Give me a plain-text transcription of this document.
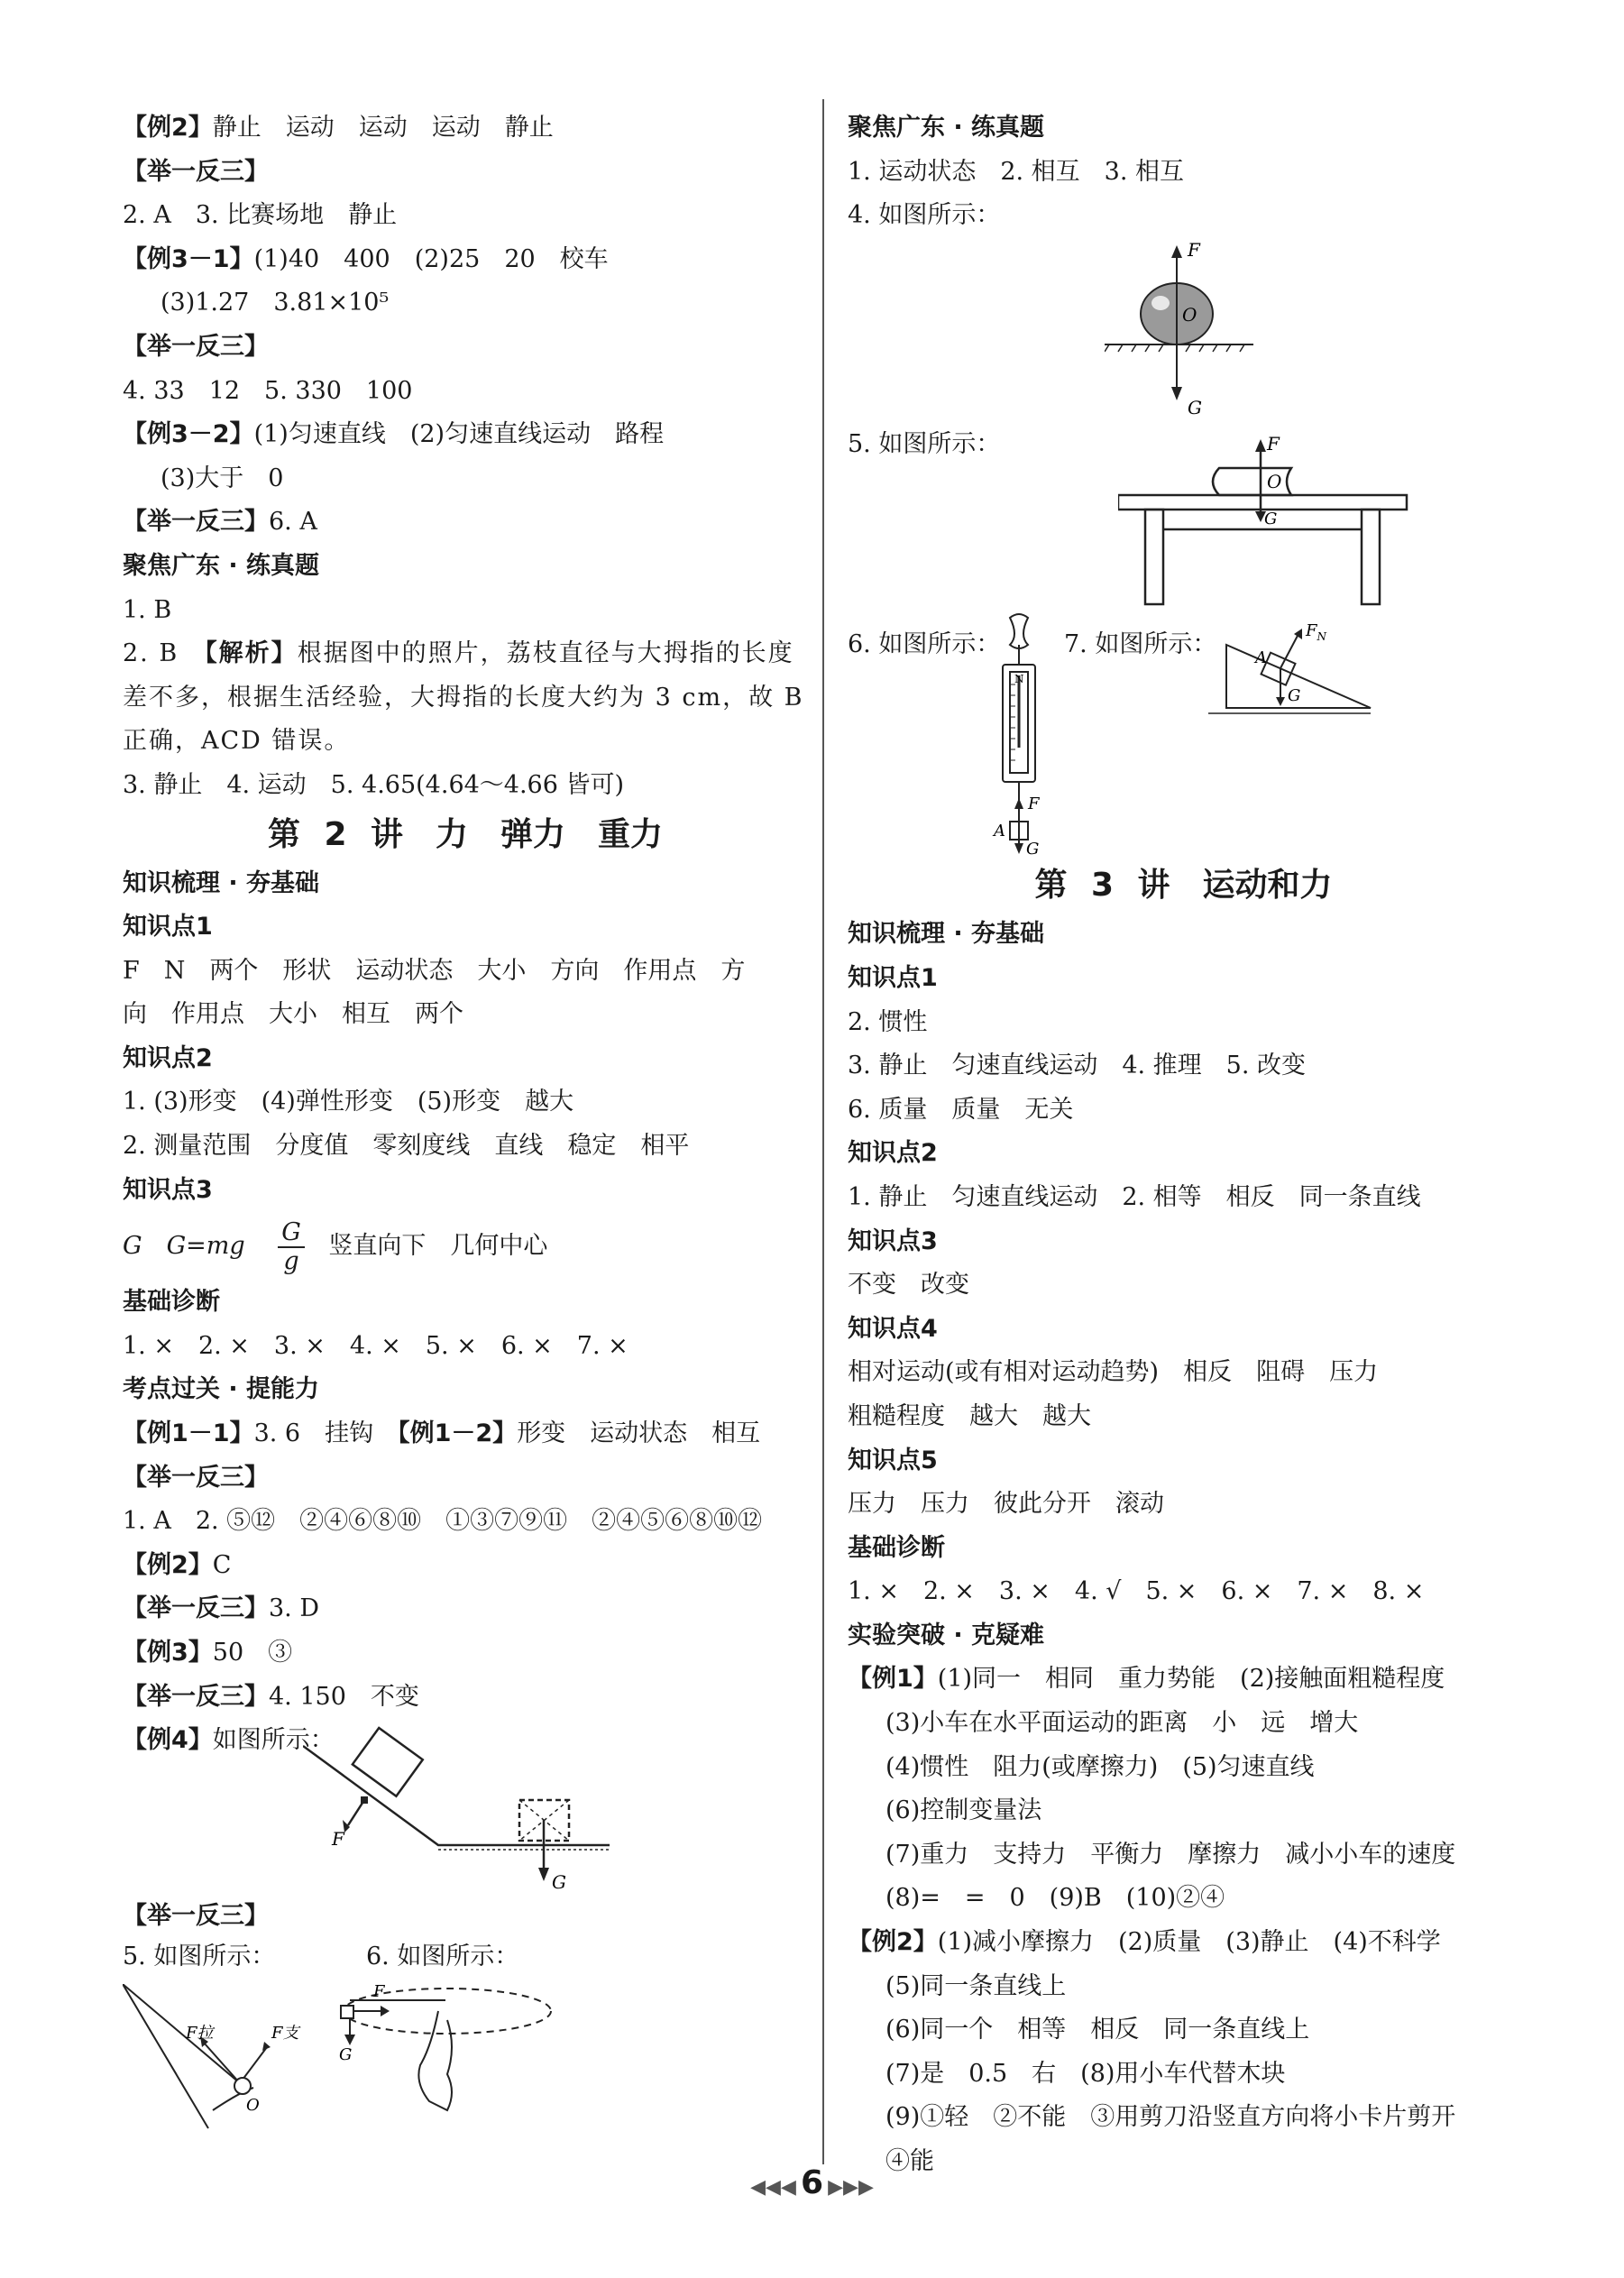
【例2】静止　运动　运动　运动　静止
【举一反三】
2. A　3. 比赛场地　静止
【例3－1】(1)40　400　(2)25　20　校车
(3)1.27　3.81×10⁵
【举一反三】
4. 33　12　5. 330　100
【例3－2】(1)匀速直线　(2)匀速直线运动　路程
(3)大于　0
【举一反三】6. A
聚焦广东 · 练真题
1. B
2. B　【解析】根据图中的照片，荔枝直径与大拇指的长度差不多，根据生活经验，大拇指的长度大约为 3 cm，故 B 正确，ACD 错误。
3. 静止　4. 运动　5. 4.65(4.64～4.66 皆可)
第 2 讲　力　弹力　重力
知识梳理 · 夯基础
知识点1
F　N　两个　形状　运动状态　大小　方向　作用点　方
向　作用点　大小　相互　两个
知识点2
1. (3)形变　(4)弹性形变　(5)形变　越大
2. 测量范围　分度值　零刻度线　直线　稳定　相平
知识点3
G　$G=mg \frac{G}{g}$ 竖直向下　几何中心
基础诊断
1. ×　2. ×　3. ×　4. ×　5. ×　6. ×　7. ×
考点过关 · 提能力
【例1－1】3. 6　挂钩　【例1－2】形变　运动状态　相互
【举一反三】
1. A　2. ⑤⑫　②④⑥⑧⑩　①③⑦⑨⑪　②④⑤⑥⑧⑩⑫
【例2】C
【举一反三】3. D
【例3】50　③
【举一反三】4. 150　不变
【例4】如图所示：
F
G
【举一反三】
5. 如图所示：	6. 如图所示：
F拉	F支
O
F
G
聚焦广东 · 练真题
1. 运动状态　2. 相互　3. 相互
4. 如图所示：
F
O
G
5. 如图所示：	F
O
G
6. 如图所示：	7. 如图所示：
N
F
A
G
A
$F_N$
G
第 3 讲　运动和力
知识梳理 · 夯基础
知识点1
2. 惯性
3. 静止　匀速直线运动　4. 推理　5. 改变
6. 质量　质量　无关
知识点2
1. 静止　匀速直线运动　2. 相等　相反　同一条直线
知识点3
不变　改变
知识点4
相对运动(或有相对运动趋势)　相反　阻碍　压力
粗糙程度　越大　越大
知识点5
压力　压力　彼此分开　滚动
基础诊断
1. ×　2. ×　3. ×　4. √　5. ×　6. ×　7. ×　8. ×
实验突破 · 克疑难
【例1】(1)同一　相同　重力势能　(2)接触面粗糙程度
(3)小车在水平面运动的距离　小　远　增大
(4)惯性　阻力(或摩擦力)　(5)匀速直线
(6)控制变量法
(7)重力　支持力　平衡力　摩擦力　减小小车的速度
(8)=　=　0　(9)B　(10)②④
【例2】(1)减小摩擦力　(2)质量　(3)静止　(4)不科学
(5)同一条直线上
(6)同一个　相等　相反　同一条直线上
(7)是　0.5　右　(8)用小车代替木块
(9)①轻　②不能　③用剪刀沿竖直方向将小卡片剪开
④能
◀◀◀ 6 ▶▶▶
